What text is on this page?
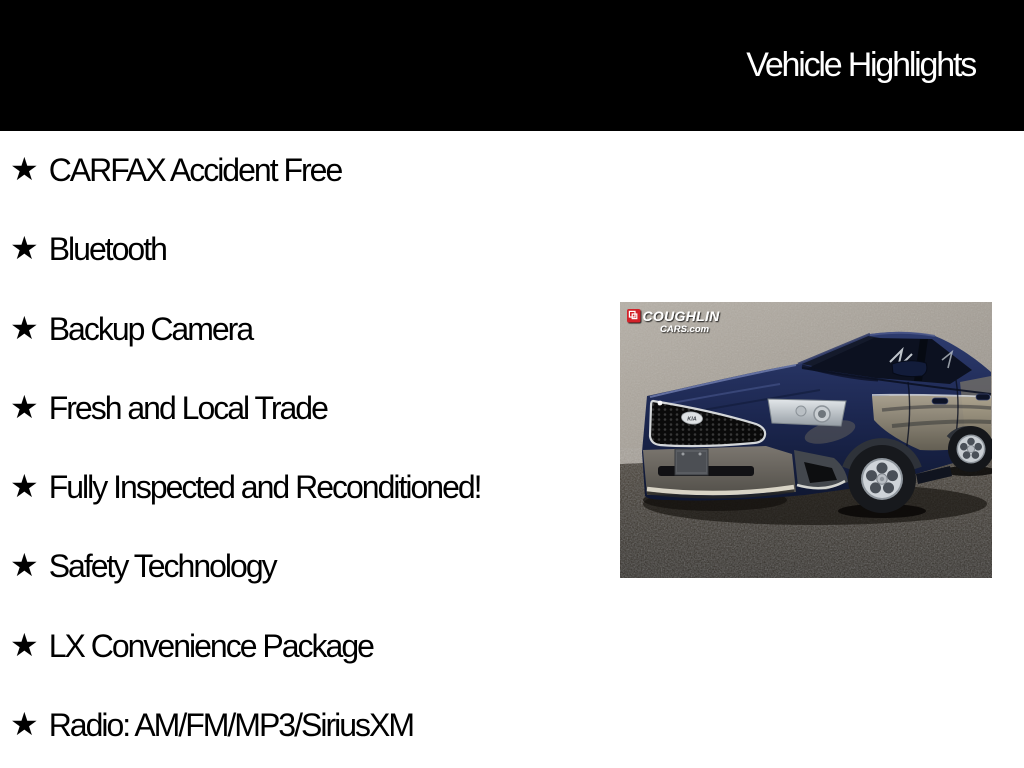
Vehicle Highlights
★ CARFAX Accident Free
★ Bluetooth
★ Backup Camera
★ Fresh and Local Trade
★ Fully Inspected and Reconditioned!
★ Safety Technology
★ LX Convenience Package
★ Radio: AM/FM/MP3/SiriusXM
KIA
COUGHLIN
CARS.com
